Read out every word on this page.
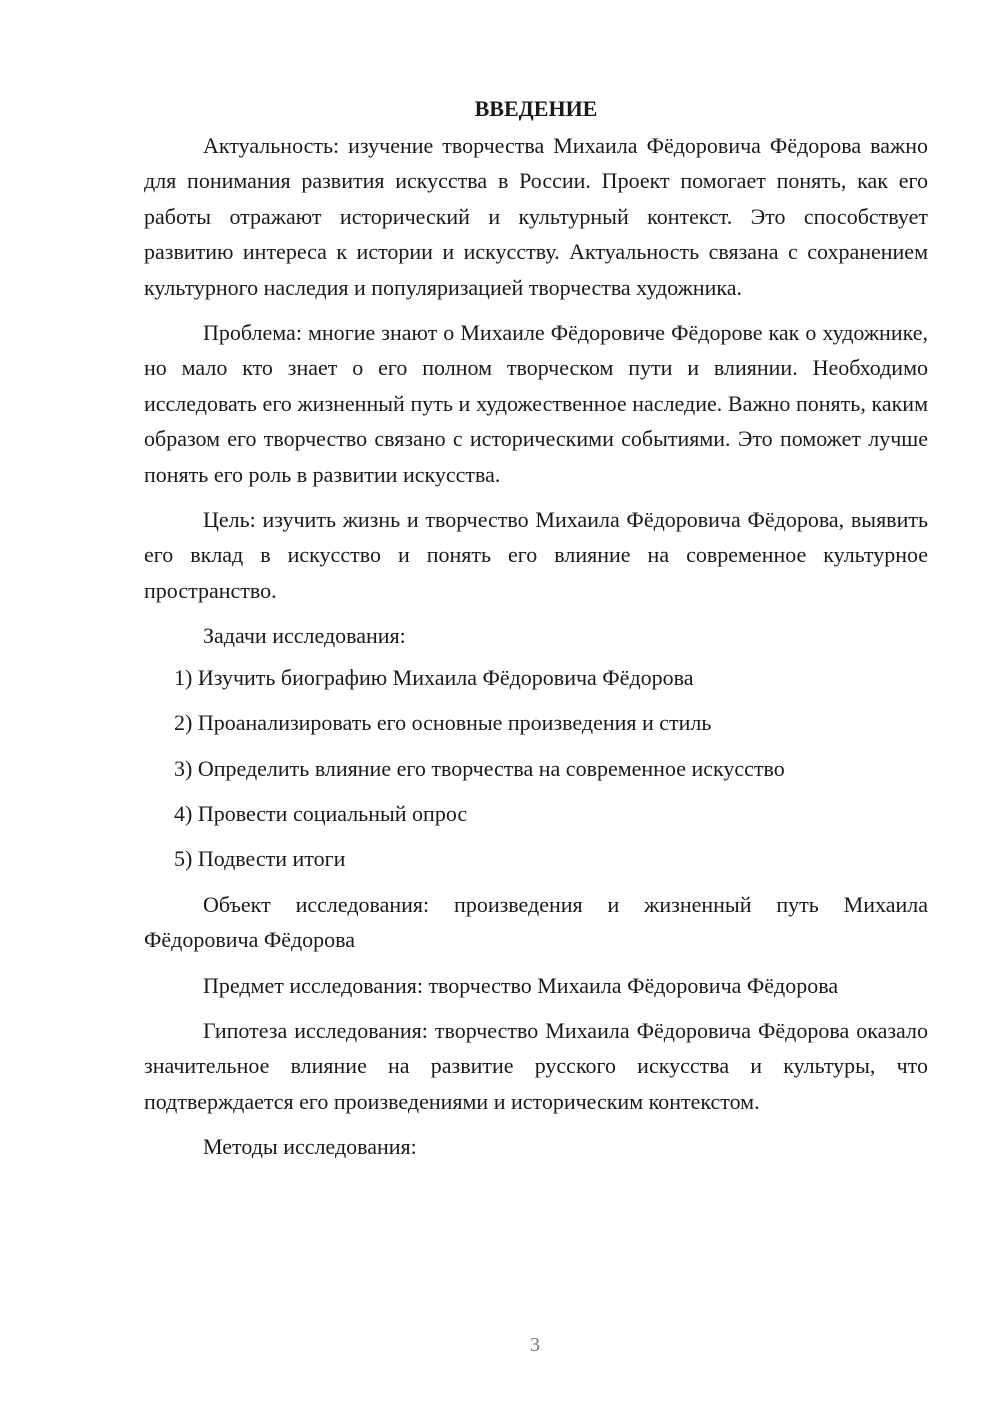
ВВЕДЕНИЕ

Актуальность: изучение творчества Михаила Фёдоровича Фёдорова важно для понимания развития искусства в России. Проект помогает понять, как его работы отражают исторический и культурный контекст. Это способствует развитию интереса к истории и искусству. Актуальность связана с сохранением культурного наследия и популяризацией творчества художника.

Проблема: многие знают о Михаиле Фёдоровиче Фёдорове как о художнике, но мало кто знает о его полном творческом пути и влиянии. Необходимо исследовать его жизненный путь и художественное наследие. Важно понять, каким образом его творчество связано с историческими событиями. Это поможет лучше понять его роль в развитии искусства.

Цель: изучить жизнь и творчество Михаила Фёдоровича Фёдорова, выявить его вклад в искусство и понять его влияние на современное культурное пространство.

Задачи исследования:

1) Изучить биографию Михаила Фёдоровича Фёдорова
2) Проанализировать его основные произведения и стиль
3) Определить влияние его творчества на современное искусство
4) Провести социальный опрос
5) Подвести итоги

Объект исследования: произведения и жизненный путь Михаила Фёдоровича Фёдорова

Предмет исследования: творчество Михаила Фёдоровича Фёдорова

Гипотеза исследования: творчество Михаила Фёдоровича Фёдорова оказало значительное влияние на развитие русского искусства и культуры, что подтверждается его произведениями и историческим контекстом.

Методы исследования:

3
